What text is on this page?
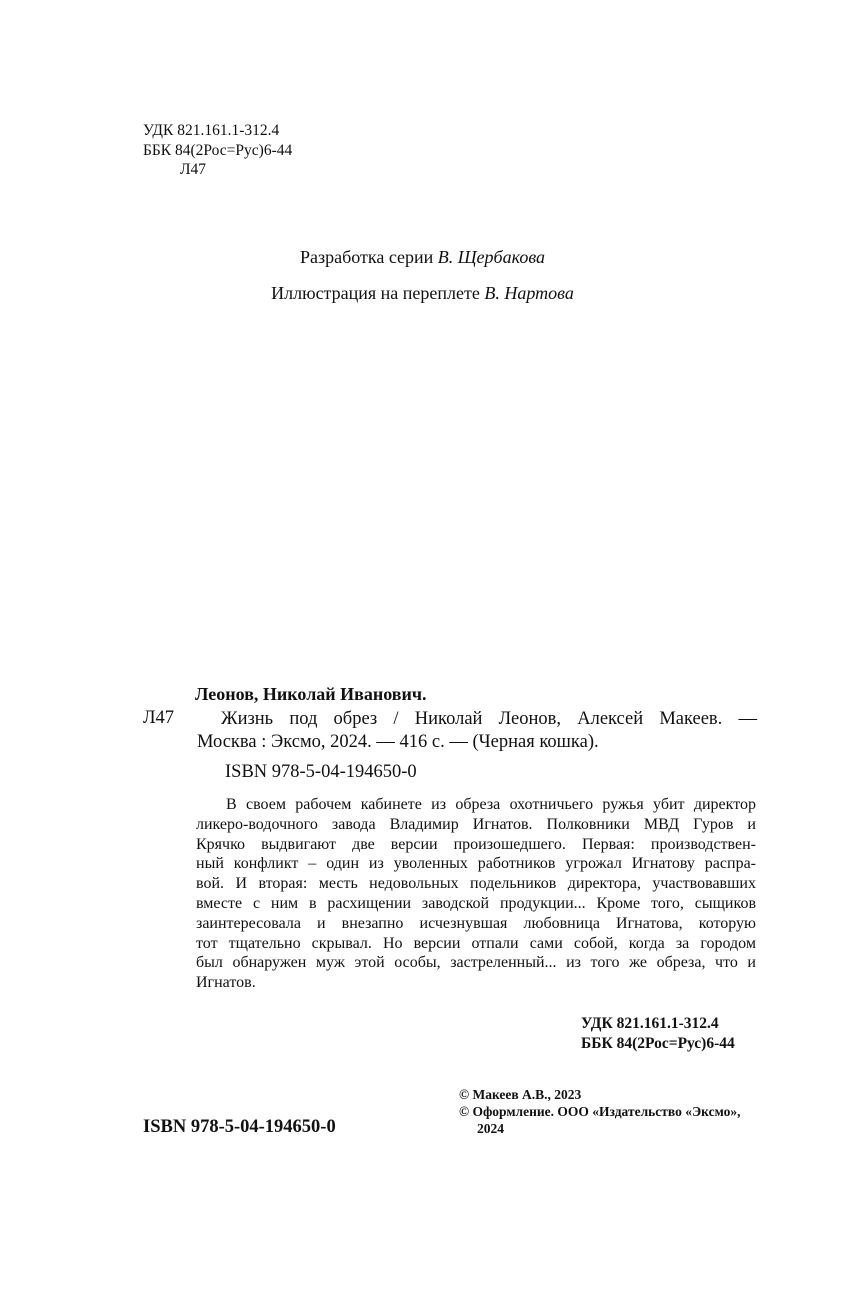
УДК 821.161.1-312.4
ББК 84(2Рос=Рус)6-44
Л47
Разработка серии В. Щербакова
Иллюстрация на переплете В. Нартова
Леонов, Николай Иванович.
Л47	Жизнь под обрез / Николай Леонов, Алексей Макеев. —
Москва : Эксмо, 2024. — 416 с. — (Черная кошка).
ISBN 978-5-04-194650-0
В своем рабочем кабинете из обреза охотничьего ружья убит директор
ликеро-водочного завода Владимир Игнатов. Полковники МВД Гуров и
Крячко выдвигают две версии произошедшего. Первая: производствен-
ный конфликт – один из уволенных работников угрожал Игнатову распра-
вой. И вторая: месть недовольных подельников директора, участвовавших
вместе с ним в расхищении заводской продукции... Кроме того, сыщиков
заинтересовала и внезапно исчезнувшая любовница Игнатова, которую
тот тщательно скрывал. Но версии отпали сами собой, когда за городом
был обнаружен муж этой особы, застреленный... из того же обреза, что и
Игнатов.
УДК 821.161.1-312.4
ББК 84(2Рос=Рус)6-44
© Макеев А.В., 2023
© Оформление. ООО «Издательство «Эксмо»,
2024
ISBN 978-5-04-194650-0
